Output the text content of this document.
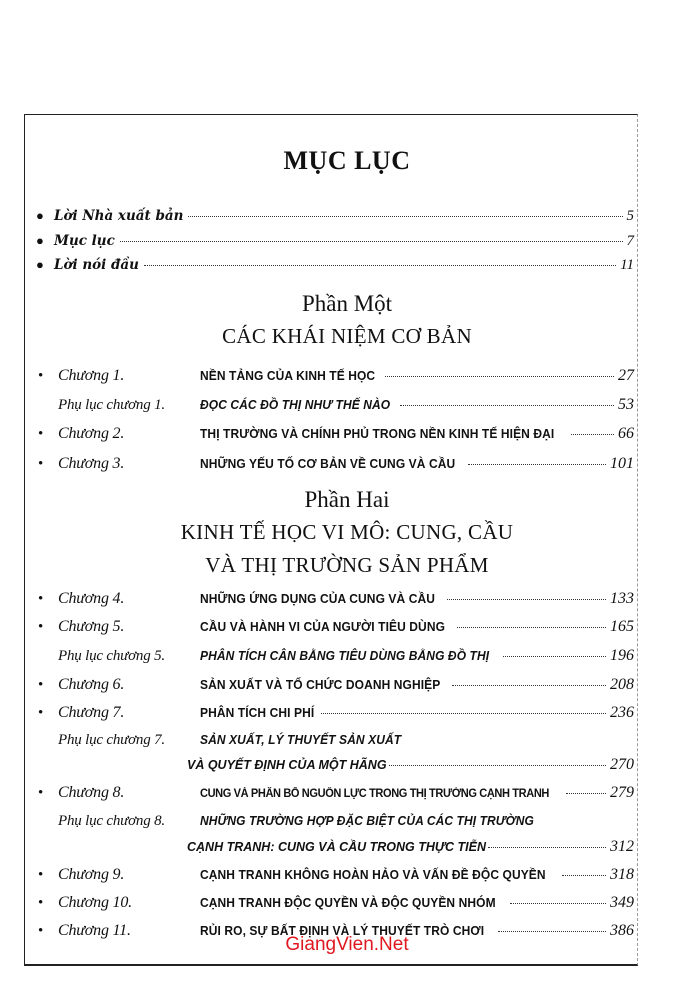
MỤC LỤC
● Lời Nhà xuất bản	5
● Mục lục	7
● Lời nói đầu	11
Phần Một
CÁC KHÁI NIỆM CƠ BẢN
• Chương 1.	NỀN TẢNG CỦA KINH TẾ HỌC	27
Phụ lục chương 1.	ĐỌC CÁC ĐỒ THỊ NHƯ THẾ NÀO	53
• Chương 2.	THỊ TRƯỜNG VÀ CHÍNH PHỦ TRONG NỀN KINH TẾ HIỆN ĐẠI	66
• Chương 3.	NHỮNG YẾU TỐ CƠ BẢN VỀ CUNG VÀ CẦU	101
Phần Hai
KINH TẾ HỌC VI MÔ: CUNG, CẦU
VÀ THỊ TRƯỜNG SẢN PHẨM
• Chương 4.	NHỮNG ỨNG DỤNG CỦA CUNG VÀ CẦU	133
• Chương 5.	CẦU VÀ HÀNH VI CỦA NGƯỜI TIÊU DÙNG	165
Phụ lục chương 5.	PHÂN TÍCH CÂN BẰNG TIÊU DÙNG BẰNG ĐỒ THỊ	196
• Chương 6.	SẢN XUẤT VÀ TỔ CHỨC DOANH NGHIỆP	208
• Chương 7.	PHÂN TÍCH CHI PHÍ	236
Phụ lục chương 7.	SẢN XUẤT, LÝ THUYẾT SẢN XUẤT
VÀ QUYẾT ĐỊNH CỦA MỘT HÃNG	270
• Chương 8.	CUNG VÀ PHÂN BỔ NGUỒN LỰC TRONG THỊ TRƯỜNG CẠNH TRANH	279
Phụ lục chương 8.	NHỮNG TRƯỜNG HỢP ĐẶC BIỆT CỦA CÁC THỊ TRƯỜNG
CẠNH TRANH: CUNG VÀ CẦU TRONG THỰC TIỄN	312
• Chương 9.	CẠNH TRANH KHÔNG HOÀN HẢO VÀ VẤN ĐỀ ĐỘC QUYỀN	318
• Chương 10.	CẠNH TRANH ĐỘC QUYỀN VÀ ĐỘC QUYỀN NHÓM	349
• Chương 11.	RỦI RO, SỰ BẤT ĐỊNH VÀ LÝ THUYẾT TRÒ CHƠI	386
GiangVien.Net
